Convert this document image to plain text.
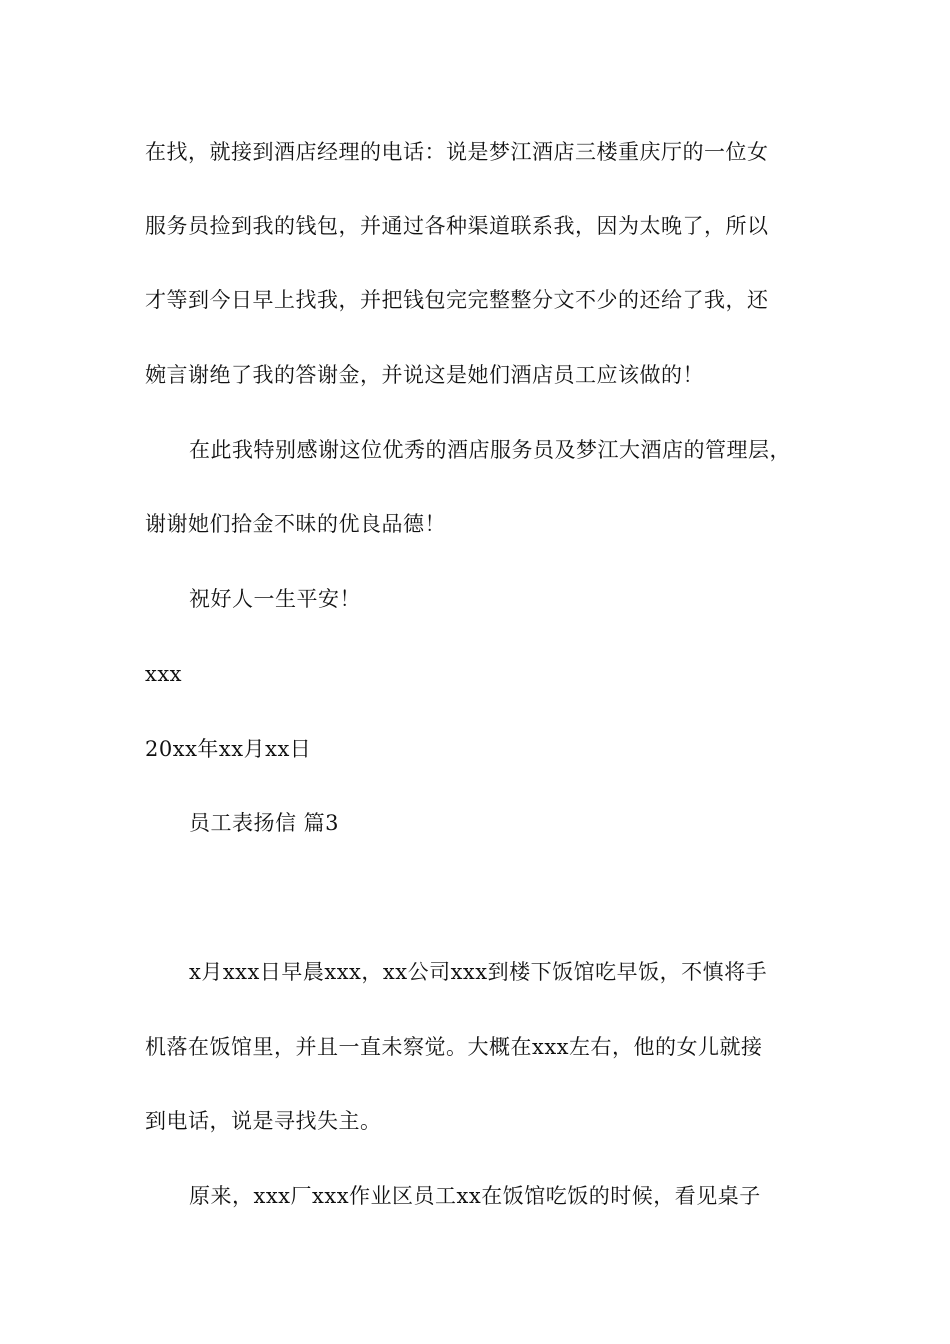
在找，就接到酒店经理的电话：说是梦江酒店三楼重庆厅的一位女
服务员捡到我的钱包，并通过各种渠道联系我，因为太晚了，所以
才等到今日早上找我，并把钱包完完整整分文不少的还给了我，还
婉言谢绝了我的答谢金，并说这是她们酒店员工应该做的！
在此我特别感谢这位优秀的酒店服务员及梦江大酒店的管理层，
谢谢她们拾金不昧的优良品德！
祝好人一生平安！
xxx
20xx年xx月xx日
员工表扬信 篇3
x月xxx日早晨xxx，xx公司xxx到楼下饭馆吃早饭，不慎将手
机落在饭馆里，并且一直未察觉。大概在xxx左右，他的女儿就接
到电话，说是寻找失主。
原来，xxx厂xxx作业区员工xx在饭馆吃饭的时候，看见桌子
